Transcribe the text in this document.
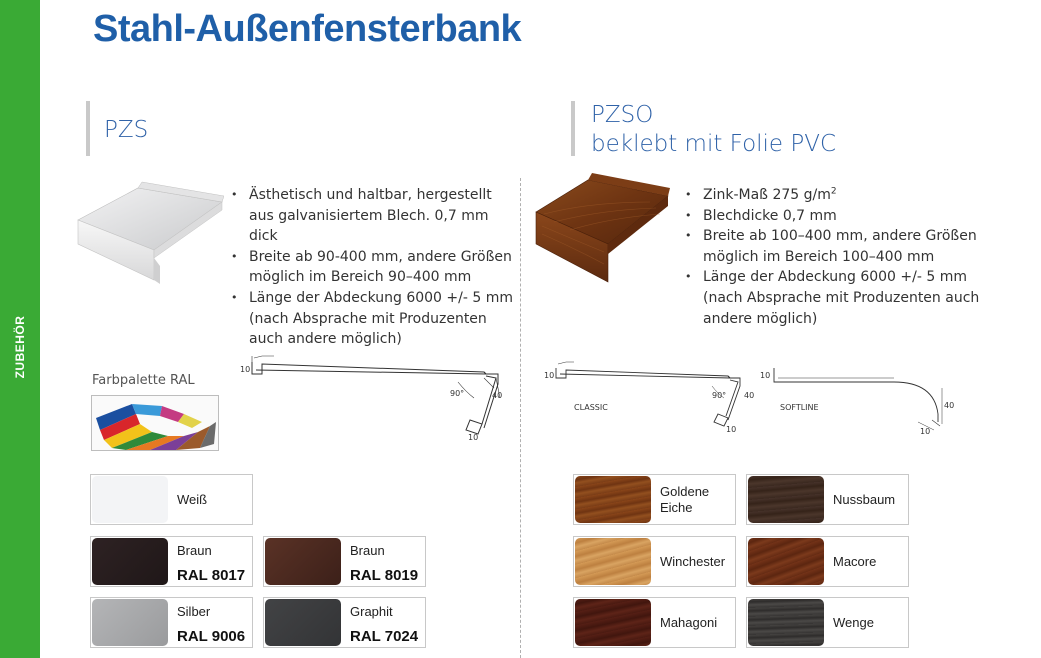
ZUBEHÖR
Stahl-Außenfensterbank
PZS
PZSO
beklebt mit Folie PVC
• Ästhetisch und haltbar, hergestellt aus galvanisiertem Blech. 0,7 mm dick
• Breite ab 90-400 mm, andere Größen möglich im Bereich 90–400 mm
• Länge der Abdeckung 6000 +/- 5 mm (nach Absprache mit Produzenten auch andere möglich)
• Zink-Maß 275 $g/m^2$
• Blechdicke 0,7 mm
• Breite ab 100–400 mm, andere Größen möglich im Bereich 100–400 mm
• Länge der Abdeckung 6000 +/- 5 mm (nach Absprache mit Produzenten auch andere möglich)
10
90°	40
10
Farbpalette RAL	10
CLASSIC
90° 40
10
10
SOFTLINE	40
10
Weiß
Braun
RAL 8017
Braun
RAL 8019
Silber
RAL 9006
Graphit
RAL 7024
Goldene
Eiche	Nussbaum
Winchester	Macore
Mahagoni	Wenge
